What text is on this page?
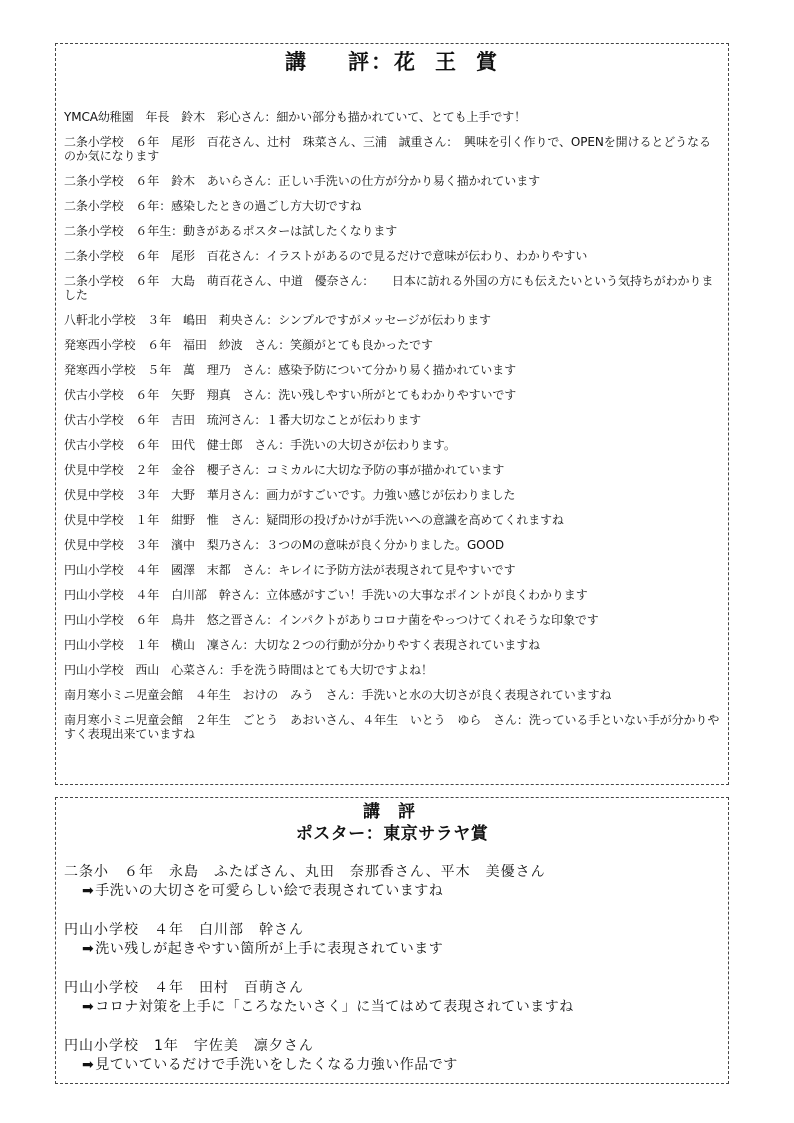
講 評：花 王 賞
YMCA幼稚園　年長　鈴木　彩心さん：細かい部分も描かれていて、とても上手です！
二条小学校　６年　尾形　百花さん、辻村　珠菜さん、三浦　誠重さん：　興味を引く作りで、OPENを開けるとどうなるのか気になります
二条小学校　６年　鈴木　あいらさん：正しい手洗いの仕方が分かり易く描かれています
二条小学校　６年：感染したときの過ごし方大切ですね
二条小学校　６年生：動きがあるポスターは試したくなります
二条小学校　６年　尾形　百花さん：イラストがあるので見るだけで意味が伝わり、わかりやすい
二条小学校　６年　大島　萌百花さん、中道　優奈さん：　　日本に訪れる外国の方にも伝えたいという気持ちがわかりました
八軒北小学校　３年　嶋田　莉央さん：シンプルですがメッセージが伝わります
発寒西小学校　６年　福田　紗波　さん：笑顔がとても良かったです
発寒西小学校　５年　萬　理乃　さん：感染予防について分かり易く描かれています
伏古小学校　６年　矢野　翔真　さん：洗い残しやすい所がとてもわかりやすいです
伏古小学校　６年　吉田　琉河さん：１番大切なことが伝わります
伏古小学校　６年　田代　健士郎　さん：手洗いの大切さが伝わります。
伏見中学校　２年　金谷　櫻子さん：コミカルに大切な予防の事が描かれています
伏見中学校　３年　大野　華月さん：画力がすごいです。力強い感じが伝わりました
伏見中学校　１年　紺野　惟　さん：疑問形の投げかけが手洗いへの意識を高めてくれますね
伏見中学校　３年　濱中　梨乃さん：３つのMの意味が良く分かりました。GOOD
円山小学校　４年　國澤　末都　さん：キレイに予防方法が表現されて見やすいです
円山小学校　４年　白川部　幹さん：立体感がすごい！手洗いの大事なポイントが良くわかります
円山小学校　６年　鳥井　悠之晋さん：インパクトがありコロナ菌をやっつけてくれそうな印象です
円山小学校　１年　横山　凜さん：大切な２つの行動が分かりやすく表現されていますね
円山小学校　西山　心菜さん：手を洗う時間はとても大切ですよね！
南月寒小ミニ児童会館　４年生　おけの　みう　さん：手洗いと水の大切さが良く表現されていますね
南月寒小ミニ児童会館　２年生　ごとう　あおいさん、４年生　いとう　ゆら　さん：洗っている手といない手が分かりやすく表現出来ていますね
講 評
ポスター：東京サラヤ賞
二条小　６年　永島　ふたばさん、丸田　奈那香さん、平木　美優さん
➡手洗いの大切さを可愛らしい絵で表現されていますね
円山小学校　４年　白川部　幹さん
➡洗い残しが起きやすい箇所が上手に表現されています
円山小学校　４年　田村　百萌さん
➡コロナ対策を上手に「ころなたいさく」に当てはめて表現されていますね
円山小学校　1年　宇佐美　凛夕さん
➡見ていているだけで手洗いをしたくなる力強い作品です
